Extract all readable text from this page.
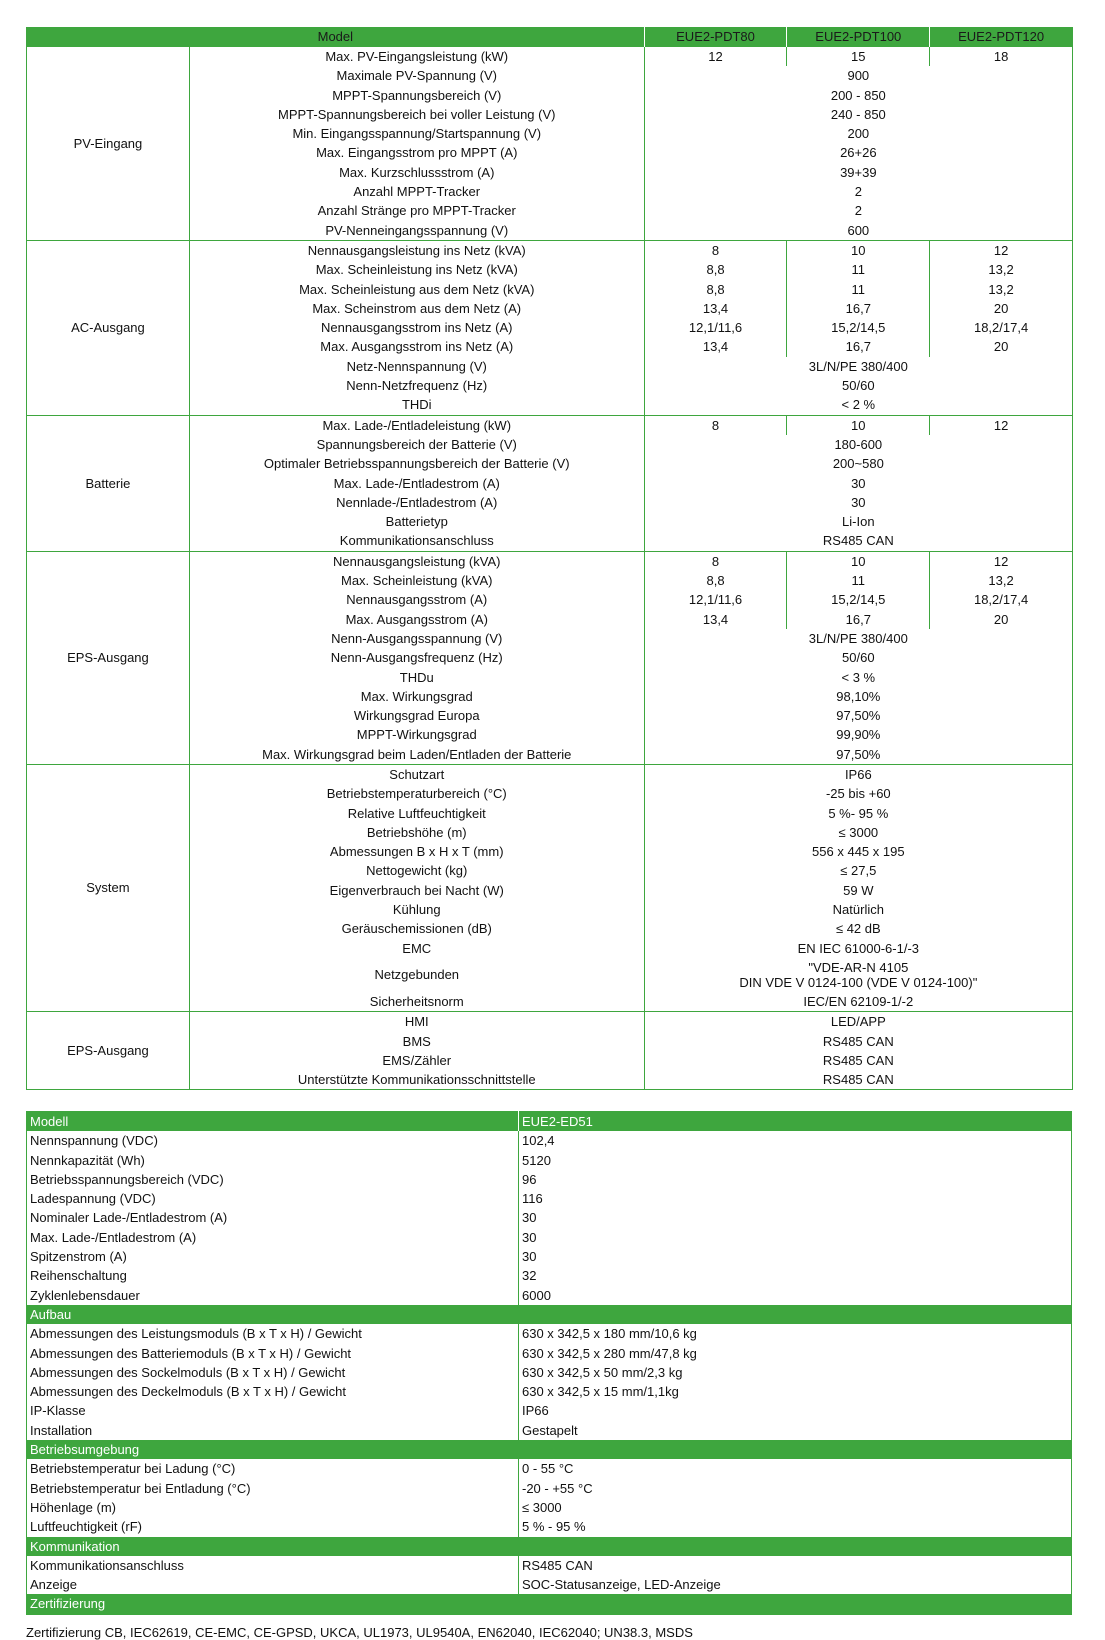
Model		EUE2-PDT80	EUE2-PDT100	EUE2-PDT120
PV-Eingang	Max. PV-Eingangsleistung (kW)	12	15	18
	Maximale PV-Spannung (V)	900		
	MPPT-Spannungsbereich (V)	200 - 850		
	MPPT-Spannungsbereich bei voller Leistung (V)	240 - 850		
	Min. Eingangsspannung/Startspannung (V)	200		
	Max. Eingangsstrom pro MPPT (A)	26+26		
	Max. Kurzschlussstrom (A)	39+39		
	Anzahl MPPT-Tracker	2		
	Anzahl Stränge pro MPPT-Tracker	2		
	PV-Nenneingangsspannung (V)	600		
AC-Ausgang	Nennausgangsleistung ins Netz (kVA)	8	10	12
	Max. Scheinleistung ins Netz (kVA)	8,8	11	13,2
	Max. Scheinleistung aus dem Netz (kVA)	8,8	11	13,2
	Max. Scheinstrom aus dem Netz (A)	13,4	16,7	20
	Nennausgangsstrom ins Netz (A)	12,1/11,6	15,2/14,5	18,2/17,4
	Max. Ausgangsstrom ins Netz (A)	13,4	16,7	20
	Netz-Nennspannung (V)	3L/N/PE 380/400		
	Nenn-Netzfrequenz (Hz)	50/60		
	THDi	< 2 %		
Batterie	Max. Lade-/Entladeleistung (kW)	8	10	12
	Spannungsbereich der Batterie (V)	180-600		
	Optimaler Betriebsspannungsbereich der Batterie (V)	200~580		
	Max. Lade-/Entladestrom (A)	30		
	Nennlade-/Entladestrom (A)	30		
	Batterietyp	Li-Ion		
	Kommunikationsanschluss	RS485 CAN		
EPS-Ausgang	Nennausgangsleistung (kVA)	8	10	12
	Max. Scheinleistung (kVA)	8,8	11	13,2
	Nennausgangsstrom (A)	12,1/11,6	15,2/14,5	18,2/17,4
	Max. Ausgangsstrom (A)	13,4	16,7	20
	Nenn-Ausgangsspannung (V)	3L/N/PE 380/400		
	Nenn-Ausgangsfrequenz (Hz)	50/60		
	THDu	< 3 %		
	Max. Wirkungsgrad	98,10%		
	Wirkungsgrad Europa	97,50%		
	MPPT-Wirkungsgrad	99,90%		
	Max. Wirkungsgrad beim Laden/Entladen der Batterie	97,50%		
System	Schutzart	IP66		
	Betriebstemperaturbereich (°C)	-25 bis +60		
	Relative Luftfeuchtigkeit	5 %- 95 %		
	Betriebshöhe (m)	≤ 3000		
	Abmessungen B x H x T (mm)	556 x 445 x 195		
	Nettogewicht (kg)	≤ 27,5		
	Eigenverbrauch bei Nacht (W)	59 W		
	Kühlung	Natürlich		
	Geräuschemissionen (dB)	≤ 42 dB		
	EMC	EN IEC 61000-6-1/-3		
	Netzgebunden	"VDE-AR-N 4105
DIN VDE V 0124-100 (VDE V 0124-100)"		
	Sicherheitsnorm	IEC/EN 62109-1/-2		
EPS-Ausgang	HMI	LED/APP		
	BMS	RS485 CAN		
	EMS/Zähler	RS485 CAN		
	Unterstützte Kommunikationsschnittstelle	RS485 CAN		
Modell	EUE2-ED51
Nennspannung (VDC)	102,4
Nennkapazität (Wh)	5120
Betriebsspannungsbereich (VDC)	96
Ladespannung (VDC)	116
Nominaler Lade-/Entladestrom (A)	30
Max. Lade-/Entladestrom (A)	30
Spitzenstrom (A)	30
Reihenschaltung	32
Zyklenlebensdauer	6000
Aufbau	
Abmessungen des Leistungsmoduls (B x T x H) / Gewicht	630 x 342,5 x 180 mm/10,6 kg
Abmessungen des Batteriemoduls (B x T x H) / Gewicht	630 x 342,5 x 280 mm/47,8 kg
Abmessungen des Sockelmoduls (B x T x H) / Gewicht	630 x 342,5 x 50 mm/2,3 kg
Abmessungen des Deckelmoduls (B x T x H) / Gewicht	630 x 342,5 x 15 mm/1,1kg
IP-Klasse	IP66
Installation	Gestapelt
Betriebsumgebung	
Betriebstemperatur bei Ladung (°C)	0 - 55 °C
Betriebstemperatur bei Entladung (°C)	-20 - +55 °C
Höhenlage (m)	≤ 3000
Luftfeuchtigkeit (rF)	5 % - 95 %
Kommunikation	
Kommunikationsanschluss	RS485 CAN
Anzeige	SOC-Statusanzeige, LED-Anzeige
Zertifizierung	
Zertifizierung CB, IEC62619, CE-EMC, CE-GPSD, UKCA, UL1973, UL9540A, EN62040, IEC62040; UN38.3, MSDS
